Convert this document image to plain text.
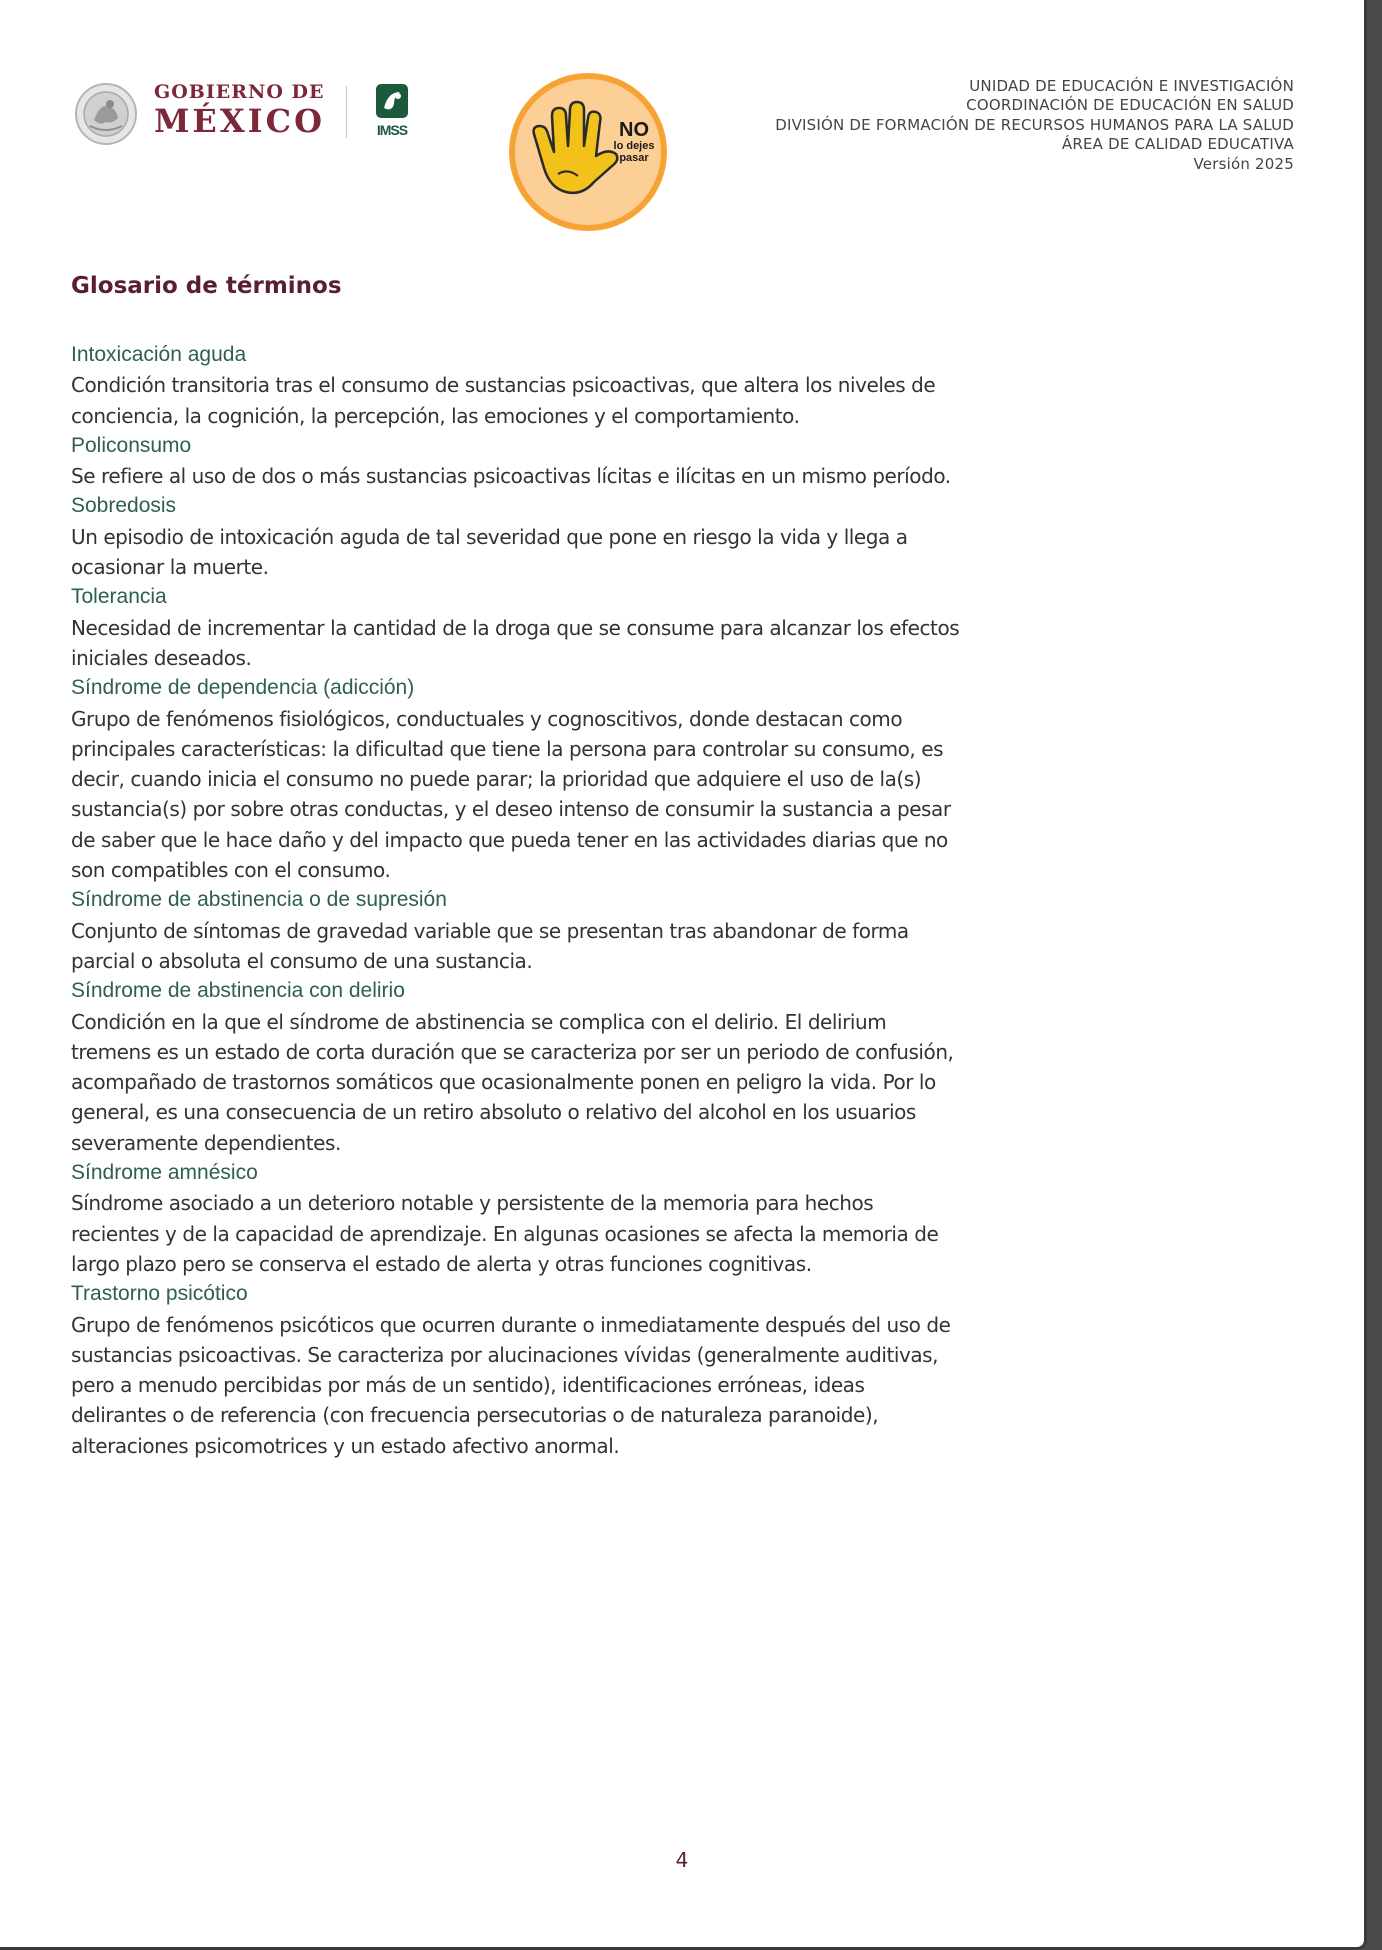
GOBIERNO DE
MÉXICO	IMSS	NO
lo dejes
pasar
UNIDAD DE EDUCACIÓN E INVESTIGACIÓN
COORDINACIÓN DE EDUCACIÓN EN SALUD
DIVISIÓN DE FORMACIÓN DE RECURSOS HUMANOS PARA LA SALUD
ÁREA DE CALIDAD EDUCATIVA
Versión 2025
Glosario de términos
Intoxicación aguda

Condición transitoria tras el consumo de sustancias psicoactivas, que altera los niveles de conciencia, la cognición, la percepción, las emociones y el comportamiento.

Policonsumo

Se refiere al uso de dos o más sustancias psicoactivas lícitas e ilícitas en un mismo período.

Sobredosis

Un episodio de intoxicación aguda de tal severidad que pone en riesgo la vida y llega a ocasionar la muerte.

Tolerancia

Necesidad de incrementar la cantidad de la droga que se consume para alcanzar los efectos iniciales deseados.

Síndrome de dependencia (adicción)

Grupo de fenómenos fisiológicos, conductuales y cognoscitivos, donde destacan como principales características: la dificultad que tiene la persona para controlar su consumo, es decir, cuando inicia el consumo no puede parar; la prioridad que adquiere el uso de la(s) sustancia(s) por sobre otras conductas, y el deseo intenso de consumir la sustancia a pesar de saber que le hace daño y del impacto que pueda tener en las actividades diarias que no son compatibles con el consumo.

Síndrome de abstinencia o de supresión

Conjunto de síntomas de gravedad variable que se presentan tras abandonar de forma parcial o absoluta el consumo de una sustancia.

Síndrome de abstinencia con delirio

Condición en la que el síndrome de abstinencia se complica con el delirio. El delirium tremens es un estado de corta duración que se caracteriza por ser un periodo de confusión, acompañado de trastornos somáticos que ocasionalmente ponen en peligro la vida. Por lo general, es una consecuencia de un retiro absoluto o relativo del alcohol en los usuarios severamente dependientes.

Síndrome amnésico

Síndrome asociado a un deterioro notable y persistente de la memoria para hechos recientes y de la capacidad de aprendizaje. En algunas ocasiones se afecta la memoria de largo plazo pero se conserva el estado de alerta y otras funciones cognitivas.

Trastorno psicótico

Grupo de fenómenos psicóticos que ocurren durante o inmediatamente después del uso de sustancias psicoactivas. Se caracteriza por alucinaciones vívidas (generalmente auditivas, pero a menudo percibidas por más de un sentido), identificaciones erróneas, ideas delirantes o de referencia (con frecuencia persecutorias o de naturaleza paranoide), alteraciones psicomotrices y un estado afectivo anormal.

4
